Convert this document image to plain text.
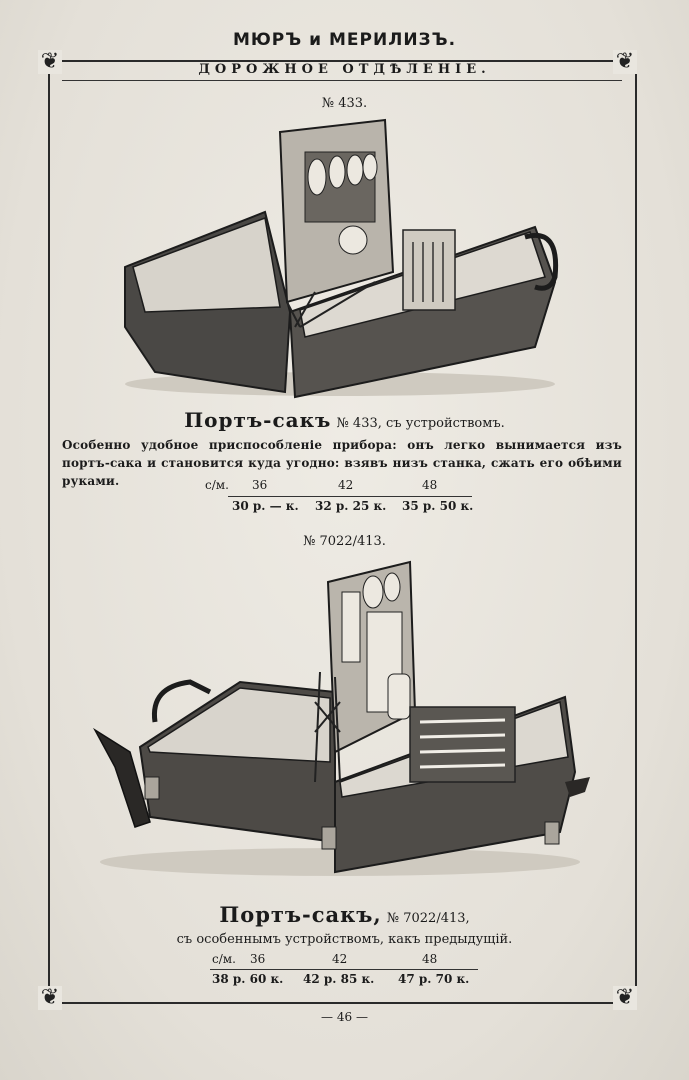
МЮРЪ и МЕРИЛИЗЪ.
❦	❦
❦	❦
ДОРОЖНОЕ ОТДѢЛЕНІЕ.
№ 433.
Портъ-сакъ № 433, съ устройствомъ.
Особенно удобное приспособленіе прибора: онъ легко вынимается изъ портъ-сака и становится куда угодно: взявъ низъ станка, сжать его обѣими руками.	с/м. 36	42	48
30 р. — к. 32 р. 25 к. 35 р. 50 к.
№ 7022/413.
Портъ-сакъ, № 7022/413,
съ особеннымъ устройствомъ, какъ предыдущій.
с/м. 36	42	48
38 р. 60 к. 42 р. 85 к. 47 р. 70 к.
— 46 —
